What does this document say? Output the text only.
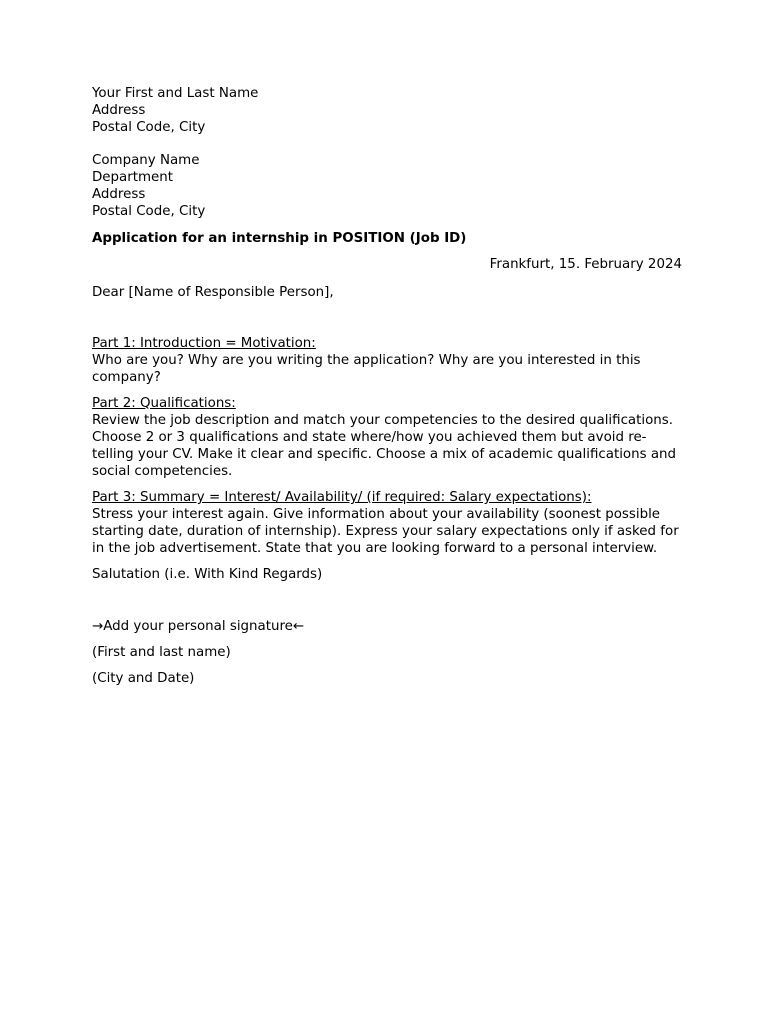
Your First and Last Name
Address
Postal Code, City
Company Name
Department
Address
Postal Code, City
Application for an internship in POSITION (Job ID)
Frankfurt, 15. February 2024
Dear [Name of Responsible Person],
Part 1: Introduction = Motivation:
Who are you? Why are you writing the application? Why are you interested in this company?
Part 2: Qualifications:
Review the job description and match your competencies to the desired qualifications. Choose 2 or 3 qualifications and state where/how you achieved them but avoid re-telling your CV. Make it clear and specific. Choose a mix of academic qualifications and social competencies.
Part 3: Summary = Interest/ Availability/ (if required: Salary expectations):
Stress your interest again. Give information about your availability (soonest possible starting date, duration of internship). Express your salary expectations only if asked for in the job advertisement. State that you are looking forward to a personal interview.
Salutation (i.e. With Kind Regards)
→Add your personal signature←
(First and last name)
(City and Date)
